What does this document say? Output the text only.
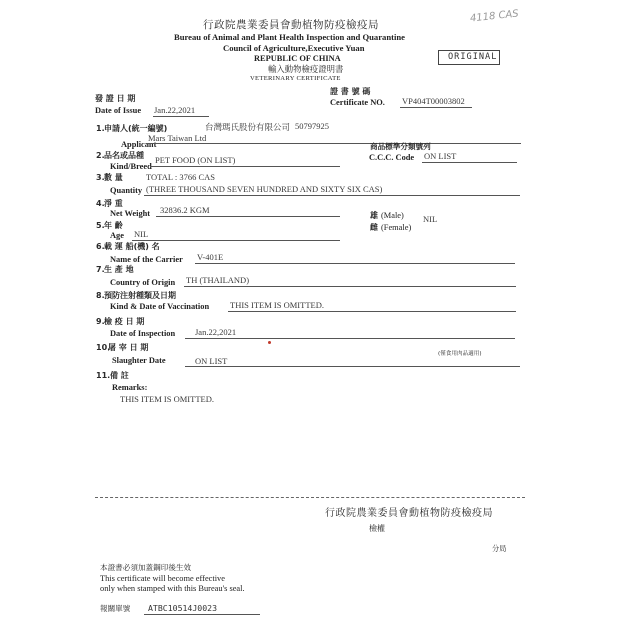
4118 CAS
行政院農業委員會動植物防疫檢疫局
Bureau of Animal and Plant Health Inspection and Quarantine
Council of Agriculture,Executive Yuan
REPUBLIC OF CHINA
輸入動物檢疫證明書
VETERINARY CERTIFICATE
ORIGINAL
發 證 日 期
Date of Issue Jan.22,2021
證 書 號 碼
Certificate NO. VP404T00003802
1. 申請人(統一編號)	台灣瑪氏股份有限公司 50797925
Mars Taiwan Ltd
Applicant
2. 品名或品種 PET FOOD (ON LIST)
Kind/Breed
商品標準分類號列
C.C.C. Code ON LIST
3. 數 量	TOTAL : 3766 CAS
Quantity (THREE THOUSAND SEVEN HUNDRED AND SIXTY SIX CAS)
4. 淨 重
32836.2 KGM
Net Weight	雄 (Male)
雌 (Female)
NIL
5. 年 齡
Age NIL
6. 載 運 船(機) 名
V-401E
Name of the Carrier
7. 生 產 地
TH (THAILAND)
Country of Origin
8. 預防注射種類及日期
Kind & Date of Vaccination THIS ITEM IS OMITTED.
9. 檢 疫 日 期
Date of Inspection Jan.22,2021
10.
屠 宰 日 期
(僅食用肉品適用)
Slaughter Date	ON LIST
11. 備 註
Remarks:
THIS ITEM IS OMITTED.
行政院農業委員會動植物防疫檢疫局
檢權
分局
本證書必須加蓋鋼印後生效
This certificate will become effective
only when stamped with this Bureau's seal.
報關單號 ATBC10514J0023
